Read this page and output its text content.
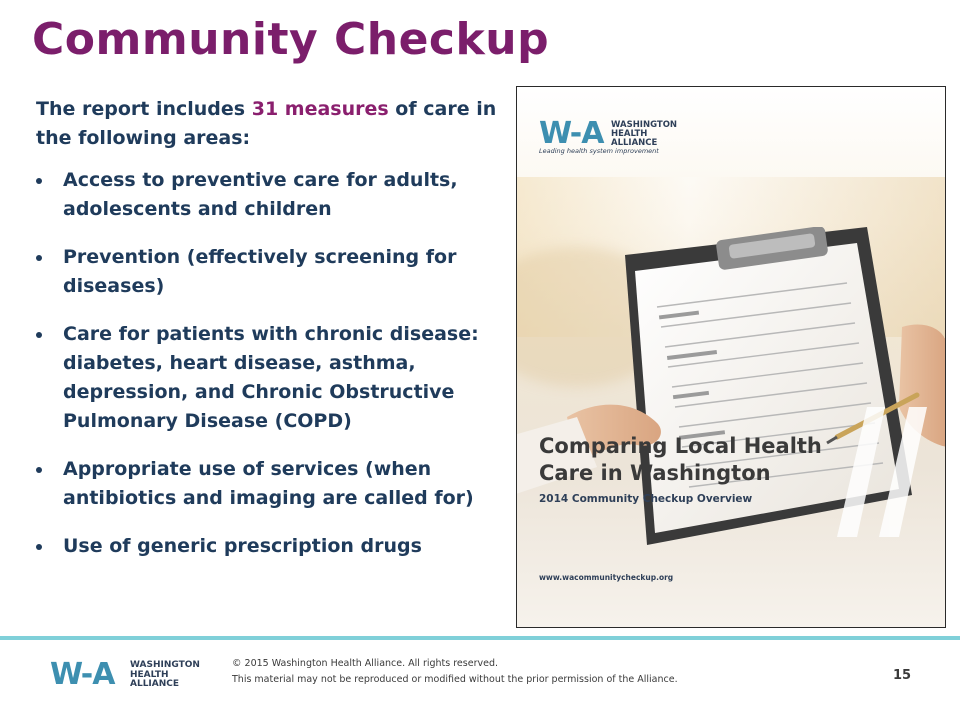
Community Checkup
The report includes 31 measures of care in the following areas:
Access to preventive care for adults, adolescents and children
Prevention (effectively screening for diseases)
Care for patients with chronic disease: diabetes, heart disease, asthma, depression, and Chronic Obstructive Pulmonary Disease (COPD)
Appropriate use of services (when antibiotics and imaging are called for)
Use of generic prescription drugs
W-A WASHINGTON
HEALTH
ALLIANCE
Leading health system improvement
Comparing Local Health Care in Washington
2014 Community Checkup Overview
www.wacommunitycheckup.org
W-A WASHINGTON
HEALTH
ALLIANCE
© 2015 Washington Health Alliance. All rights reserved.
This material may not be reproduced or modified without the prior permission of the Alliance.	15
